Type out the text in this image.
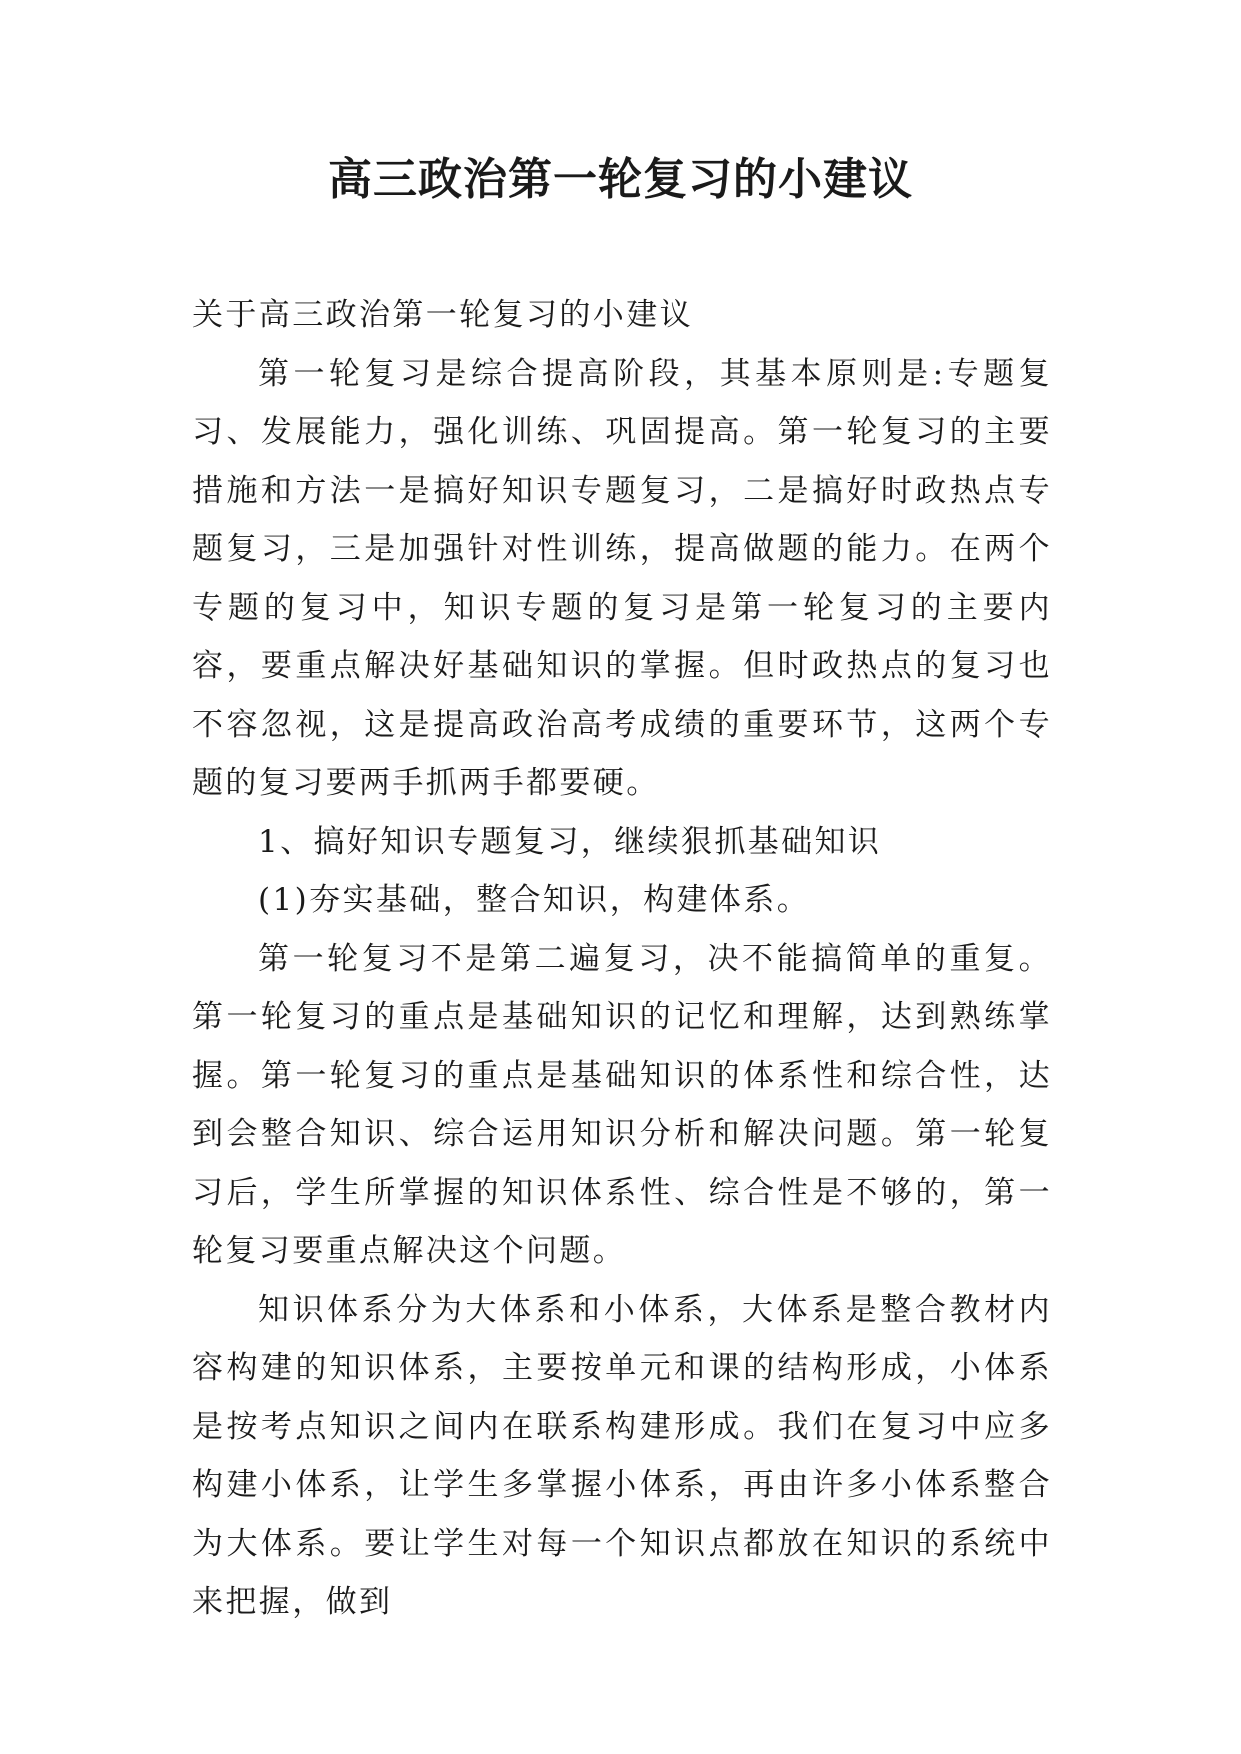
高三政治第一轮复习的小建议

关于高三政治第一轮复习的小建议

第一轮复习是综合提高阶段，其基本原则是:专题复习、发展能力，强化训练、巩固提高。第一轮复习的主要措施和方法一是搞好知识专题复习，二是搞好时政热点专题复习，三是加强针对性训练，提高做题的能力。在两个专题的复习中，知识专题的复习是第一轮复习的主要内容，要重点解决好基础知识的掌握。但时政热点的复习也不容忽视，这是提高政治高考成绩的重要环节，这两个专题的复习要两手抓两手都要硬。

1、搞好知识专题复习，继续狠抓基础知识

(1)夯实基础，整合知识，构建体系。

第一轮复习不是第二遍复习，决不能搞简单的重复。第一轮复习的重点是基础知识的记忆和理解，达到熟练掌握。第一轮复习的重点是基础知识的体系性和综合性，达到会整合知识、综合运用知识分析和解决问题。第一轮复习后，学生所掌握的知识体系性、综合性是不够的，第一轮复习要重点解决这个问题。

知识体系分为大体系和小体系，大体系是整合教材内容构建的知识体系，主要按单元和课的结构形成，小体系是按考点知识之间内在联系构建形成。我们在复习中应多构建小体系，让学生多掌握小体系，再由许多小体系整合为大体系。要让学生对每一个知识点都放在知识的系统中来把握，做到
